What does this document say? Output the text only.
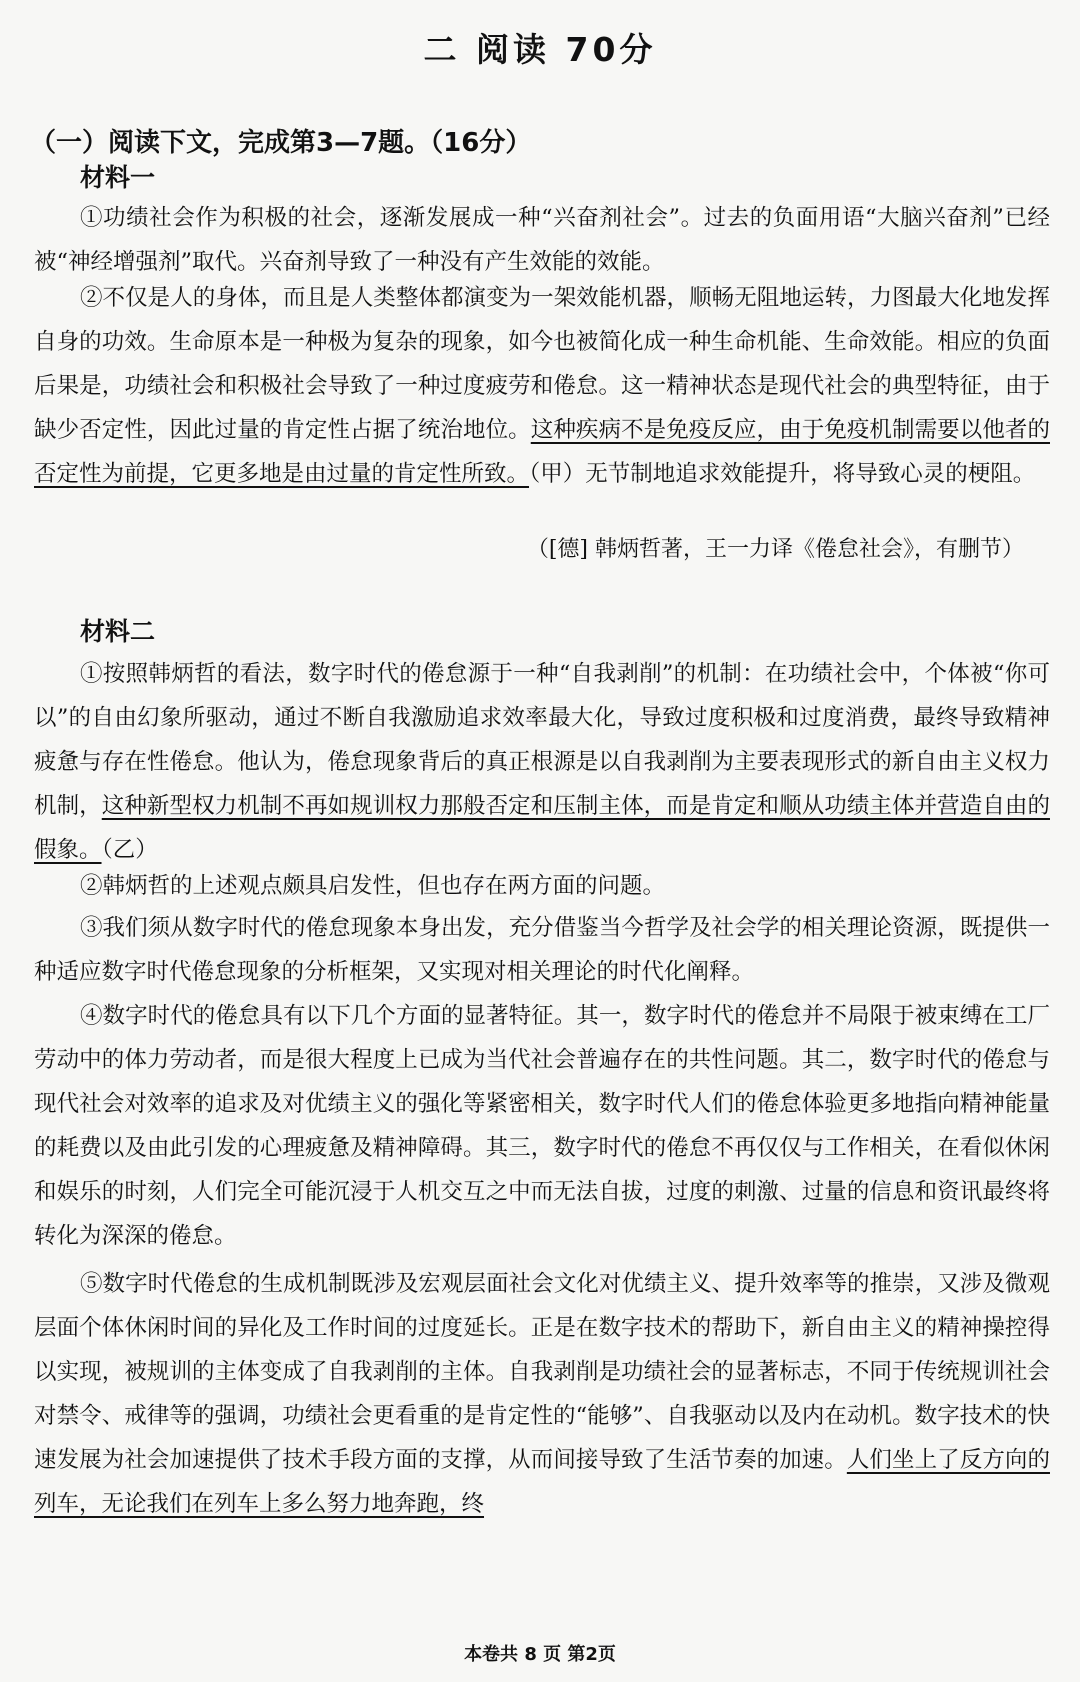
二 阅读 70分
（一）阅读下文，完成第3—7题。（16分）
材料一

①功绩社会作为积极的社会，逐渐发展成一种“兴奋剂社会”。过去的负面用语“大脑兴奋剂”已经被“神经增强剂”取代。兴奋剂导致了一种没有产生效能的效能。

②不仅是人的身体，而且是人类整体都演变为一架效能机器，顺畅无阻地运转，力图最大化地发挥自身的功效。生命原本是一种极为复杂的现象，如今也被简化成一种生命机能、生命效能。相应的负面后果是，功绩社会和积极社会导致了一种过度疲劳和倦怠。这一精神状态是现代社会的典型特征，由于缺少否定性，因此过量的肯定性占据了统治地位。这种疾病不是免疫反应，由于免疫机制需要以他者的否定性为前提，它更多地是由过量的肯定性所致。（甲）无节制地追求效能提升，将导致心灵的梗阻。

（[德] 韩炳哲著，王一力译《倦怠社会》，有删节）
材料二

①按照韩炳哲的看法，数字时代的倦怠源于一种“自我剥削”的机制：在功绩社会中，个体被“你可以”的自由幻象所驱动，通过不断自我激励追求效率最大化，导致过度积极和过度消费，最终导致精神疲惫与存在性倦怠。他认为，倦怠现象背后的真正根源是以自我剥削为主要表现形式的新自由主义权力机制，这种新型权力机制不再如规训权力那般否定和压制主体，而是肯定和顺从功绩主体并营造自由的假象。（乙）

②韩炳哲的上述观点颇具启发性，但也存在两方面的问题。

③我们须从数字时代的倦怠现象本身出发，充分借鉴当今哲学及社会学的相关理论资源，既提供一种适应数字时代倦怠现象的分析框架，又实现对相关理论的时代化阐释。

④数字时代的倦怠具有以下几个方面的显著特征。其一，数字时代的倦怠并不局限于被束缚在工厂劳动中的体力劳动者，而是很大程度上已成为当代社会普遍存在的共性问题。其二，数字时代的倦怠与现代社会对效率的追求及对优绩主义的强化等紧密相关，数字时代人们的倦怠体验更多地指向精神能量的耗费以及由此引发的心理疲惫及精神障碍。其三，数字时代的倦怠不再仅仅与工作相关，在看似休闲和娱乐的时刻，人们完全可能沉浸于人机交互之中而无法自拔，过度的刺激、过量的信息和资讯最终将转化为深深的倦怠。

⑤数字时代倦怠的生成机制既涉及宏观层面社会文化对优绩主义、提升效率等的推崇，又涉及微观层面个体休闲时间的异化及工作时间的过度延长。正是在数字技术的帮助下，新自由主义的精神操控得以实现，被规训的主体变成了自我剥削的主体。自我剥削是功绩社会的显著标志，不同于传统规训社会对禁令、戒律等的强调，功绩社会更看重的是肯定性的“能够”、自我驱动以及内在动机。数字技术的快速发展为社会加速提供了技术手段方面的支撑，从而间接导致了生活节奏的加速。人们坐上了反方向的列车，无论我们在列车上多么努力地奔跑，终

本卷共 8 页 第2页
